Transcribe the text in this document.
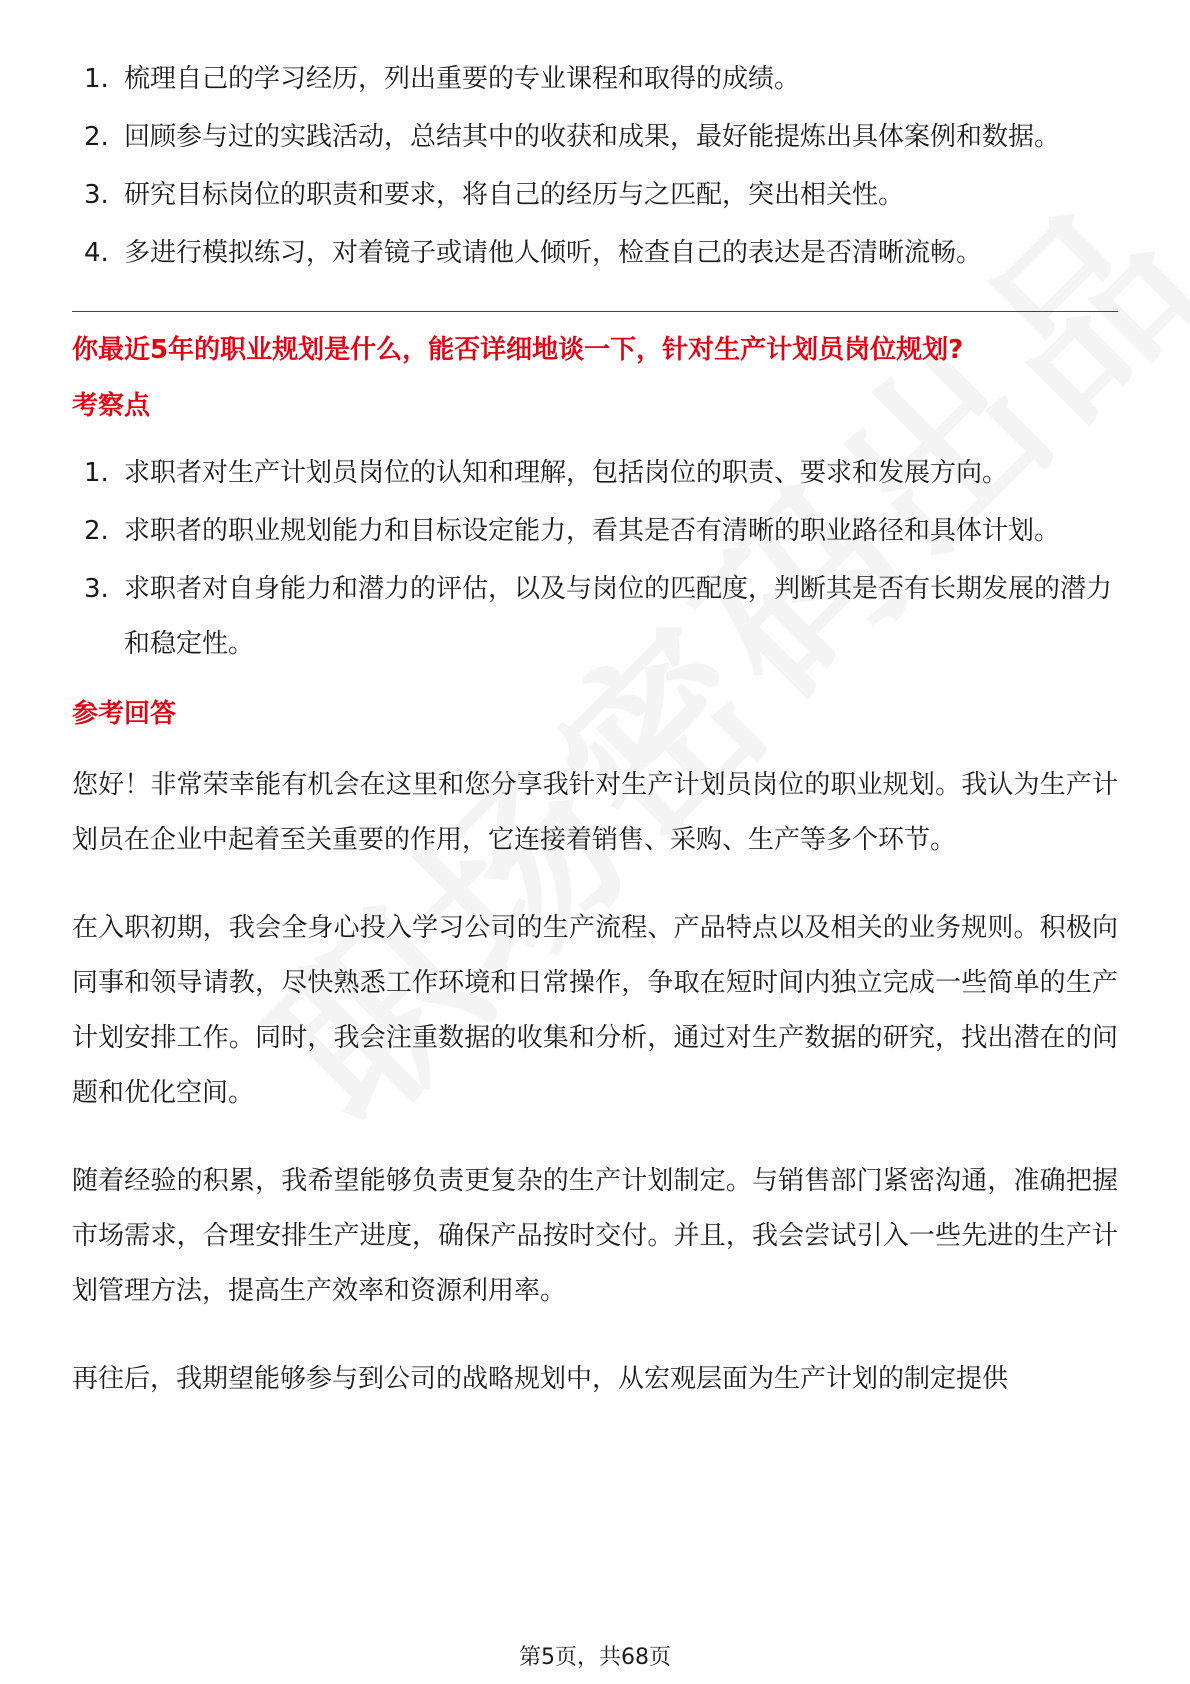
1. 梳理自己的学习经历，列出重要的专业课程和取得的成绩。
2. 回顾参与过的实践活动，总结其中的收获和成果，最好能提炼出具体案例和数据。
3. 研究目标岗位的职责和要求，将自己的经历与之匹配，突出相关性。
4. 多进行模拟练习，对着镜子或请他人倾听，检查自己的表达是否清晰流畅。
你最近5年的职业规划是什么，能否详细地谈一下，针对生产计划员岗位规划?
考察点
1. 求职者对生产计划员岗位的认知和理解，包括岗位的职责、要求和发展方向。
2. 求职者的职业规划能力和目标设定能力，看其是否有清晰的职业路径和具体计划。
3. 求职者对自身能力和潜力的评估，以及与岗位的匹配度，判断其是否有长期发展的潜力和稳定性。
参考回答

您好！非常荣幸能有机会在这里和您分享我针对生产计划员岗位的职业规划。我认为生产计划员在企业中起着至关重要的作用，它连接着销售、采购、生产等多个环节。

在入职初期，我会全身心投入学习公司的生产流程、产品特点以及相关的业务规则。积极向同事和领导请教，尽快熟悉工作环境和日常操作，争取在短时间内独立完成一些简单的生产计划安排工作。同时，我会注重数据的收集和分析，通过对生产数据的研究，找出潜在的问题和优化空间。

随着经验的积累，我希望能够负责更复杂的生产计划制定。与销售部门紧密沟通，准确把握市场需求，合理安排生产进度，确保产品按时交付。并且，我会尝试引入一些先进的生产计划管理方法，提高生产效率和资源利用率。

再往后，我期望能够参与到公司的战略规划中，从宏观层面为生产计划的制定提供

第5页，共68页
